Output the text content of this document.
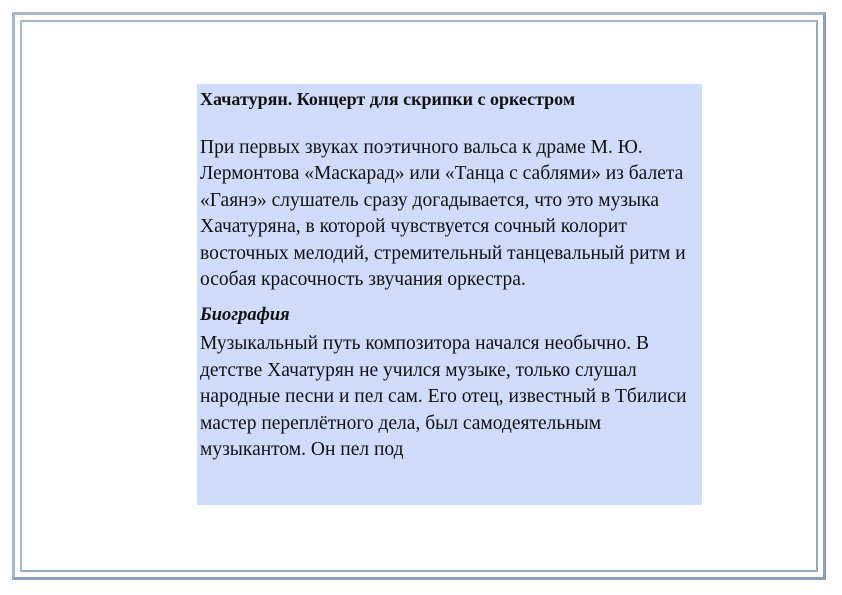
Хачатурян. Концерт для скрипки с оркестром

При первых звуках поэтичного вальса к драме М. Ю. Лермонтова «Маскарад» или «Танца с саблями» из балета «Гаянэ» слушатель сразу догадывается, что это музыка Хачатуряна, в которой чувствуется сочный колорит восточных мелодий, стремительный танцевальный ритм и особая красочность звучания оркестра.

Биография

Музыкальный путь композитора начался необычно. В детстве Хачатурян не учился музыке, только слушал народные песни и пел сам. Его отец, известный в Тбилиси мастер переплётного дела, был самодеятельным музыкантом. Он пел под
